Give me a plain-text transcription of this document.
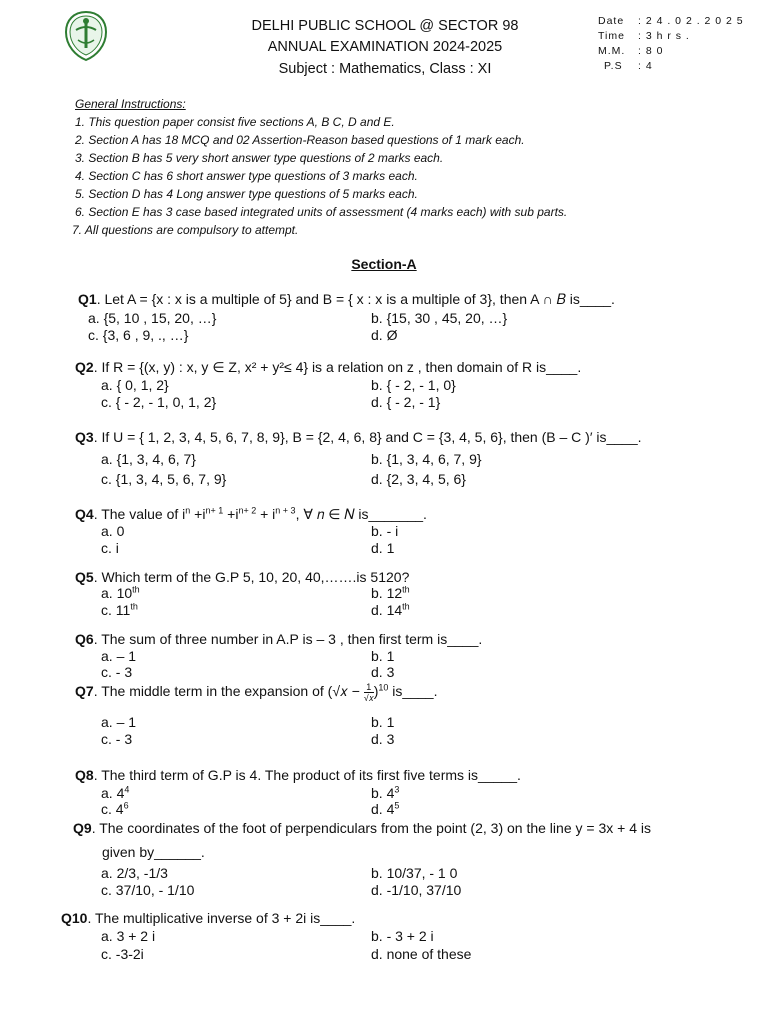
DELHI PUBLIC SCHOOL @ SECTOR 98
ANNUAL EXAMINATION 2024-2025
Subject : Mathematics, Class : XI
Date	: 2 4 . 0 2 . 2 0 2 5
Time	: 3 h r s .
M.M.	: 8 0
P.S	: 4
General Instructions:
1. This question paper consist five sections A, B C, D and E.
2. Section A has 18 MCQ and 02 Assertion-Reason based questions of 1 mark each.
3. Section B has 5 very short answer type questions of 2 marks each.
4. Section C has 6 short answer type questions of 3 marks each.
5. Section D has 4 Long answer type questions of 5 marks each.
6. Section E has 3 case based integrated units of assessment (4 marks each) with sub parts.
7. All questions are compulsory to attempt.
Section-A
Q1. Let A = {x : x is a multiple of 5} and B = { x : x is a multiple of 3}, then A ∩ 𝐵 is____.
a. {5, 10 , 15, 20, …}	b. {15, 30 , 45, 20, …}
c. {3, 6 , 9, ., …}	d. Ø
Q2. If R = {(x, y) : x, y ∈ Z, x² + y²≤ 4} is a relation on z , then domain of R is____.
a. { 0, 1, 2}	b. { - 2, - 1, 0}
c. { - 2, - 1, 0, 1, 2}	d. { - 2, - 1}
Q3. If U = { 1, 2, 3, 4, 5, 6, 7, 8, 9}, B = {2, 4, 6, 8} and C = {3, 4, 5, 6}, then (B – C )′ is____.
a. {1, 3, 4, 6, 7}	b. {1, 3, 4, 6, 7, 9}
c. {1, 3, 4, 5, 6, 7, 9}	d. {2, 3, 4, 5, 6}
Q4. The value of $i^n +i^{n+ 1} +i^{n+ 2} + i^{n + 3}$, ∀ 𝑛 ∈ 𝑁 is_______.
a. 0	b. - i
c. i	d. 1
Q5. Which term of the G.P 5, 10, 20, 40,…….is 5120?
a. 10th	b. 12th
c. 11th	d. 14th
Q6. The sum of three number in A.P is – 3 , then first term is____.
a. – 1	b. 1
c. - 3	d. 3
Q7. The middle term in the expansion of (√𝑥 − $\frac{1}{\text{√𝑥}} )^{10}$ is____.
a. – 1	b. 1
c. - 3	d. 3
Q8. The third term of G.P is 4. The product of its first five terms is_____.
a. $4^4$	b. $4^3$
c. $4^6$	d. $4^5$
Q9. The coordinates of the foot of perpendiculars from the point (2, 3) on the line y = 3x + 4 is
given by______.
a. 2/3, -1/3	b. 10/37, - 1 0
c. 37/10, - 1/10	d. -1/10, 37/10
Q10. The multiplicative inverse of 3 + 2i is____.
a. 3 + 2 i	b. - 3 + 2 i
c. -3-2i	d. none of these
